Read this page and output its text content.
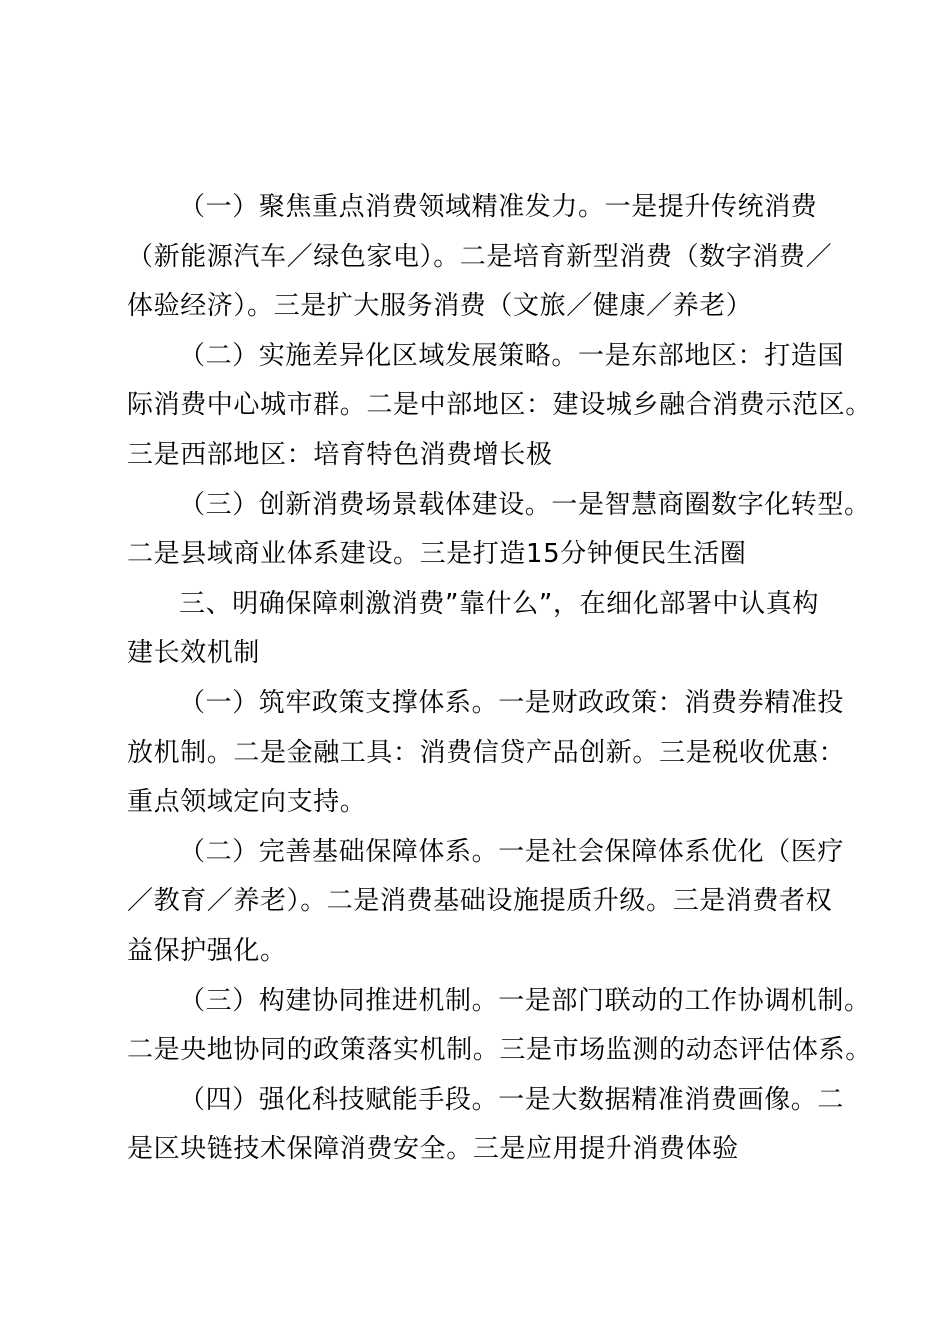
（一）聚焦重点消费领域精准发力。一是提升传统消费
（新能源汽车／绿色家电）。二是培育新型消费（数字消费／
体验经济）。三是扩大服务消费（文旅／健康／养老）
（二）实施差异化区域发展策略。一是东部地区：打造国
际消费中心城市群。二是中部地区：建设城乡融合消费示范区。
三是西部地区：培育特色消费增长极
（三）创新消费场景载体建设。一是智慧商圈数字化转型。
二是县域商业体系建设。三是打造15分钟便民生活圈
三、明确保障刺激消费”靠什么”，在细化部署中认真构
建长效机制
（一）筑牢政策支撑体系。一是财政政策：消费券精准投
放机制。二是金融工具：消费信贷产品创新。三是税收优惠：
重点领域定向支持。
（二）完善基础保障体系。一是社会保障体系优化（医疗
／教育／养老）。二是消费基础设施提质升级。三是消费者权
益保护强化。
（三）构建协同推进机制。一是部门联动的工作协调机制。
二是央地协同的政策落实机制。三是市场监测的动态评估体系。
（四）强化科技赋能手段。一是大数据精准消费画像。二
是区块链技术保障消费安全。三是应用提升消费体验
